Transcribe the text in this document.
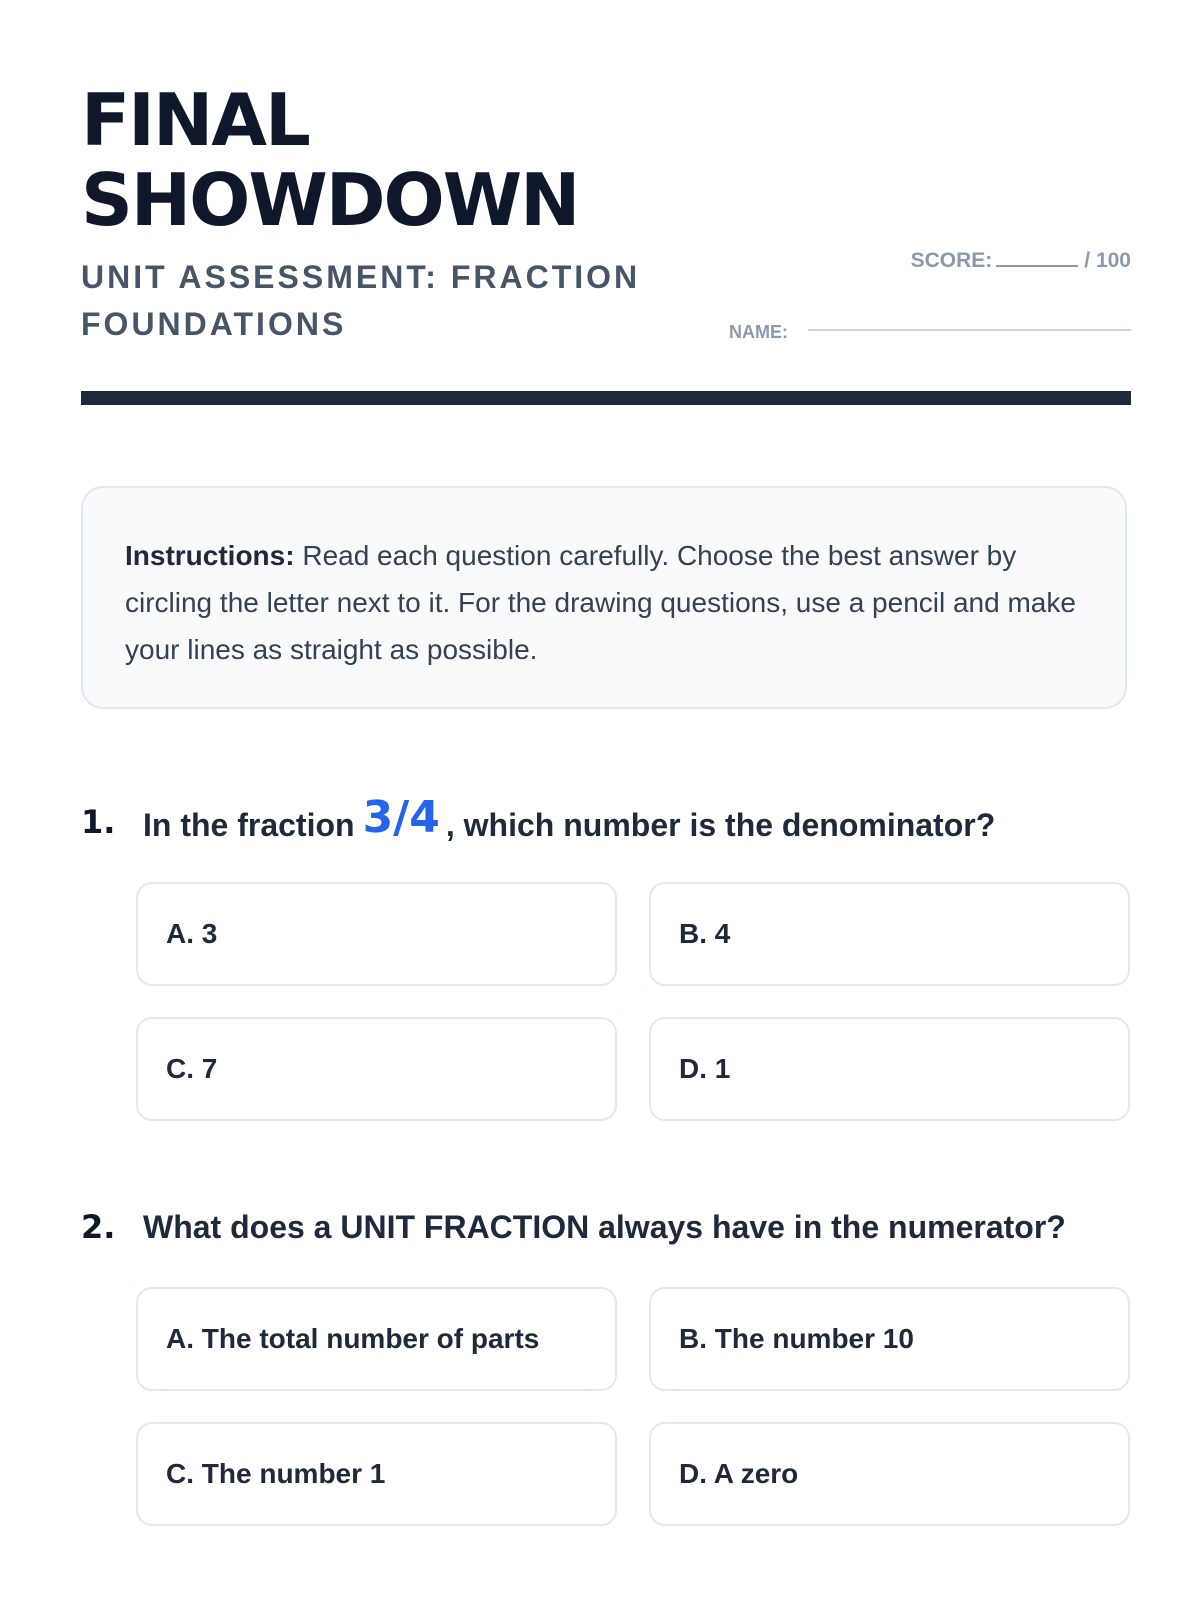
FINAL
SHOWDOWN
UNIT ASSESSMENT: FRACTION
FOUNDATIONS
SCORE:	/ 100
NAME:
Instructions: Read each question carefully. Choose the best answer by circling the letter next to it. For the drawing questions, use a pencil and make your lines as straight as possible.
1. In the fraction 3/4 , which number is the denominator?
A. 3	B. 4
C. 7	D. 1
2. What does a UNIT FRACTION always have in the numerator?
A. The total number of parts	B. The number 10
C. The number 1	D. A zero
